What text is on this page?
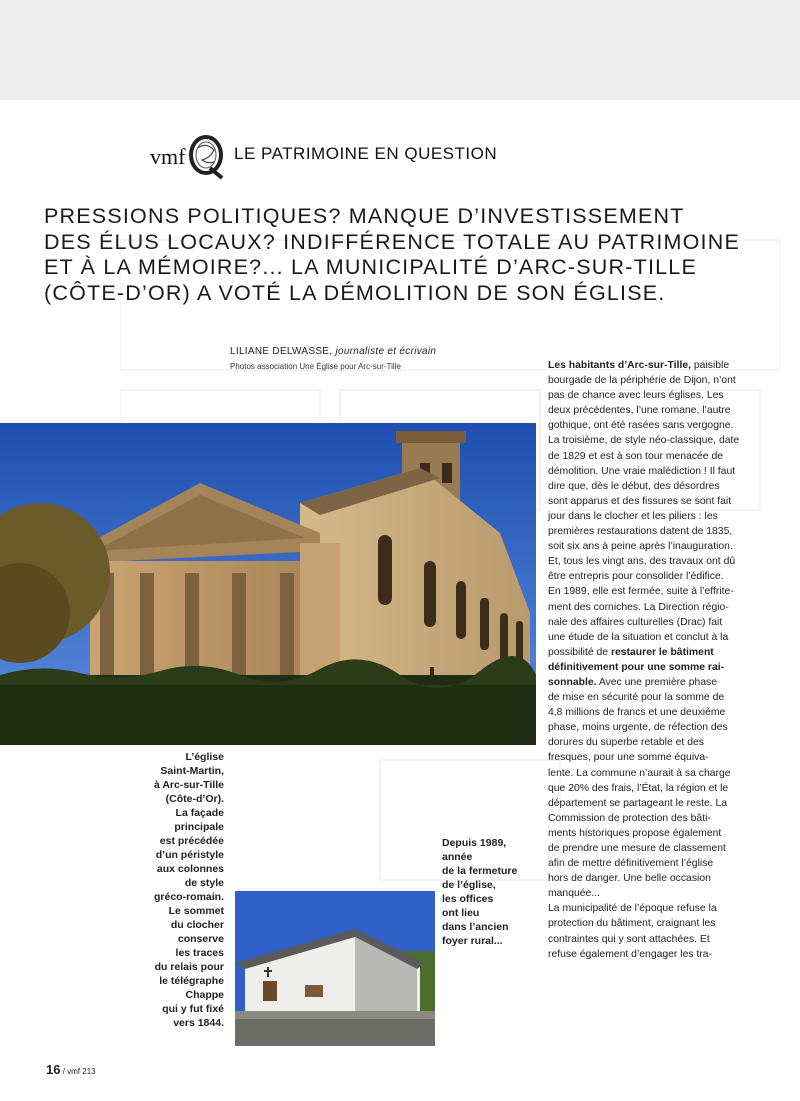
vmf	LE PATRIMOINE EN QUESTION
PRESSIONS POLITIQUES? MANQUE D’INVESTISSEMENT
DES ÉLUS LOCAUX? INDIFFÉRENCE TOTALE AU PATRIMOINE
ET À LA MÉMOIRE?... LA MUNICIPALITÉ D’ARC-SUR-TILLE
(CÔTE-D’OR) A VOTÉ LA DÉMOLITION DE SON ÉGLISE.
LILIANE DELWASSE, journaliste et écrivain
Photos association Une Église pour Arc-sur-Tille
L’église
Saint-Martin,
à Arc-sur-Tille
(Côte-d’Or).
La façade
principale
est précédée
d’un péristyle
aux colonnes
de style
gréco-romain.
Le sommet
du clocher
conserve
les traces
du relais pour
le télégraphe
Chappe
qui y fut fixé
vers 1844.
Depuis 1989,
année
de la fermeture
de l’église,
les offices
ont lieu
dans l’ancien
foyer rural...
Les habitants d’Arc-sur-Tille, paisible
bourgade de la périphérie de Dijon, n’ont
pas de chance avec leurs églises. Les
deux précédentes, l’une romane, l’autre
gothique, ont été rasées sans vergogne.
La troisième, de style néo-classique, date
de 1829 et est à son tour menacée de
démolition. Une vraie malédiction ! Il faut
dire que, dès le début, des désordres
sont apparus et des fissures se sont fait
jour dans le clocher et les piliers : les
premières restaurations datent de 1835,
soit six ans à peine après l’inauguration.
Et, tous les vingt ans, des travaux ont dû
être entrepris pour consolider l’édifice.
En 1989, elle est fermée, suite à l’effrite-
ment des corniches. La Direction régio-
nale des affaires culturelles (Drac) fait
une étude de la situation et conclut à la
possibilité de restaurer le bâtiment
définitivement pour une somme rai-
sonnable. Avec une première phase
de mise en sécurité pour la somme de
4,8 millions de francs et une deuxième
phase, moins urgente, de réfection des
dorures du superbe retable et des
fresques, pour une somme équiva-
lente. La commune n’aurait à sa charge
que 20% des frais, l’État, la région et le
département se partageant le reste. La
Commission de protection des bâti-
ments historiques propose également
de prendre une mesure de classement
afin de mettre définitivement l’église
hors de danger. Une belle occasion
manquée...
La municipalité de l’époque refuse la
protection du bâtiment, craignant les
contraintes qui y sont attachées. Et
refuse également d’engager les tra-
16 / vmf 213
